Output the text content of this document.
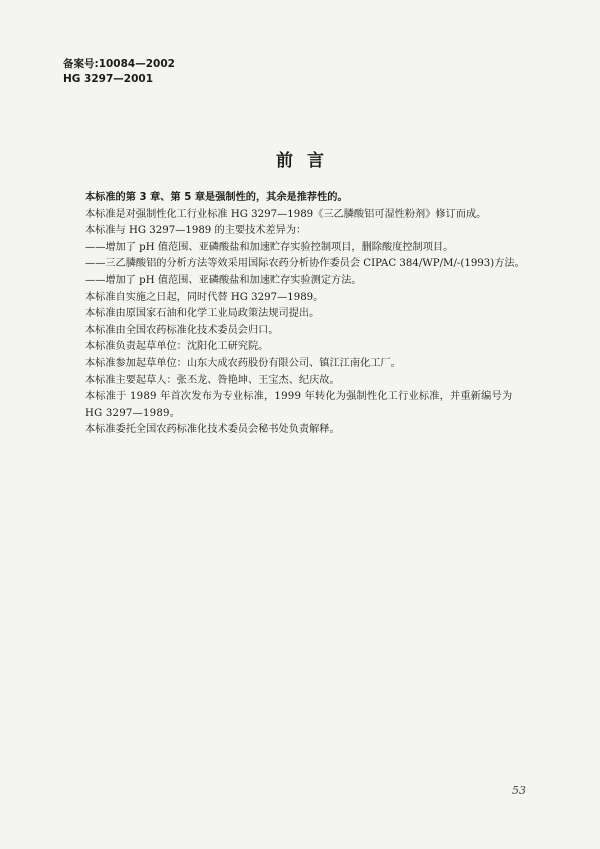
备案号:10084—2002
HG 3297—2001
前言

本标准的第 3 章、第 5 章是强制性的，其余是推荐性的。

本标准是对强制性化工行业标准 HG 3297—1989《三乙膦酸铝可湿性粉剂》修订而成。

本标准与 HG 3297—1989 的主要技术差异为：

——增加了 pH 值范围、亚磷酸盐和加速贮存实验控制项目，删除酸度控制项目。

——三乙膦酸铝的分析方法等效采用国际农药分析协作委员会 CIPAC 384/WP/M/-(1993)方法。

——增加了 pH 值范围、亚磷酸盐和加速贮存实验测定方法。

本标准自实施之日起，同时代替 HG 3297—1989。

本标准由原国家石油和化学工业局政策法规司提出。

本标准由全国农药标准化技术委员会归口。

本标准负责起草单位：沈阳化工研究院。

本标准参加起草单位：山东大成农药股份有限公司、镇江江南化工厂。

本标准主要起草人：张丕龙、昝艳坤、王宝杰、纪庆故。

本标准于 1989 年首次发布为专业标准，1999 年转化为强制性化工行业标准，并重新编号为 HG 3297—1989。

本标准委托全国农药标准化技术委员会秘书处负责解释。

53
